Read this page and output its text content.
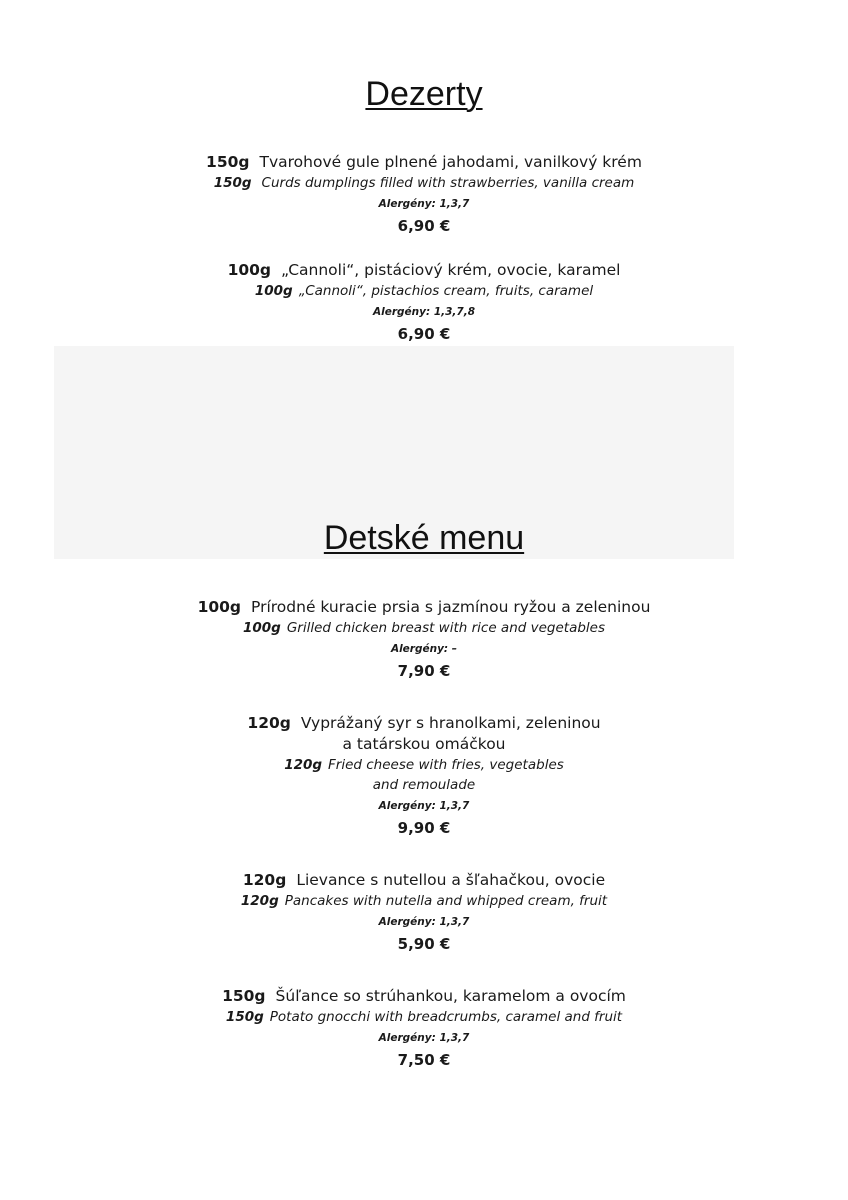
Dezerty
150g Tvarohové gule plnené jahodami, vanilkový krém
150g Curds dumplings filled with strawberries, vanilla cream
Alergény: 1,3,7
6,90 €
100g „Cannoli“, pistáciový krém, ovocie, karamel
100g „Cannoli“, pistachios cream, fruits, caramel
Alergény: 1,3,7,8
6,90 €
Detské menu
100g Prírodné kuracie prsia s jazmínou ryžou a zeleninou
100g Grilled chicken breast with rice and vegetables
Alergény: –
7,90 €
120g Vyprážaný syr s hranolkami, zeleninou
a tatárskou omáčkou
120g Fried cheese with fries, vegetables
and remoulade
Alergény: 1,3,7
9,90 €
120g Lievance s nutellou a šľahačkou, ovocie
120g Pancakes with nutella and whipped cream, fruit
Alergény: 1,3,7
5,90 €
150g Šúľance so strúhankou, karamelom a ovocím
150g Potato gnocchi with breadcrumbs, caramel and fruit
Alergény: 1,3,7
7,50 €
